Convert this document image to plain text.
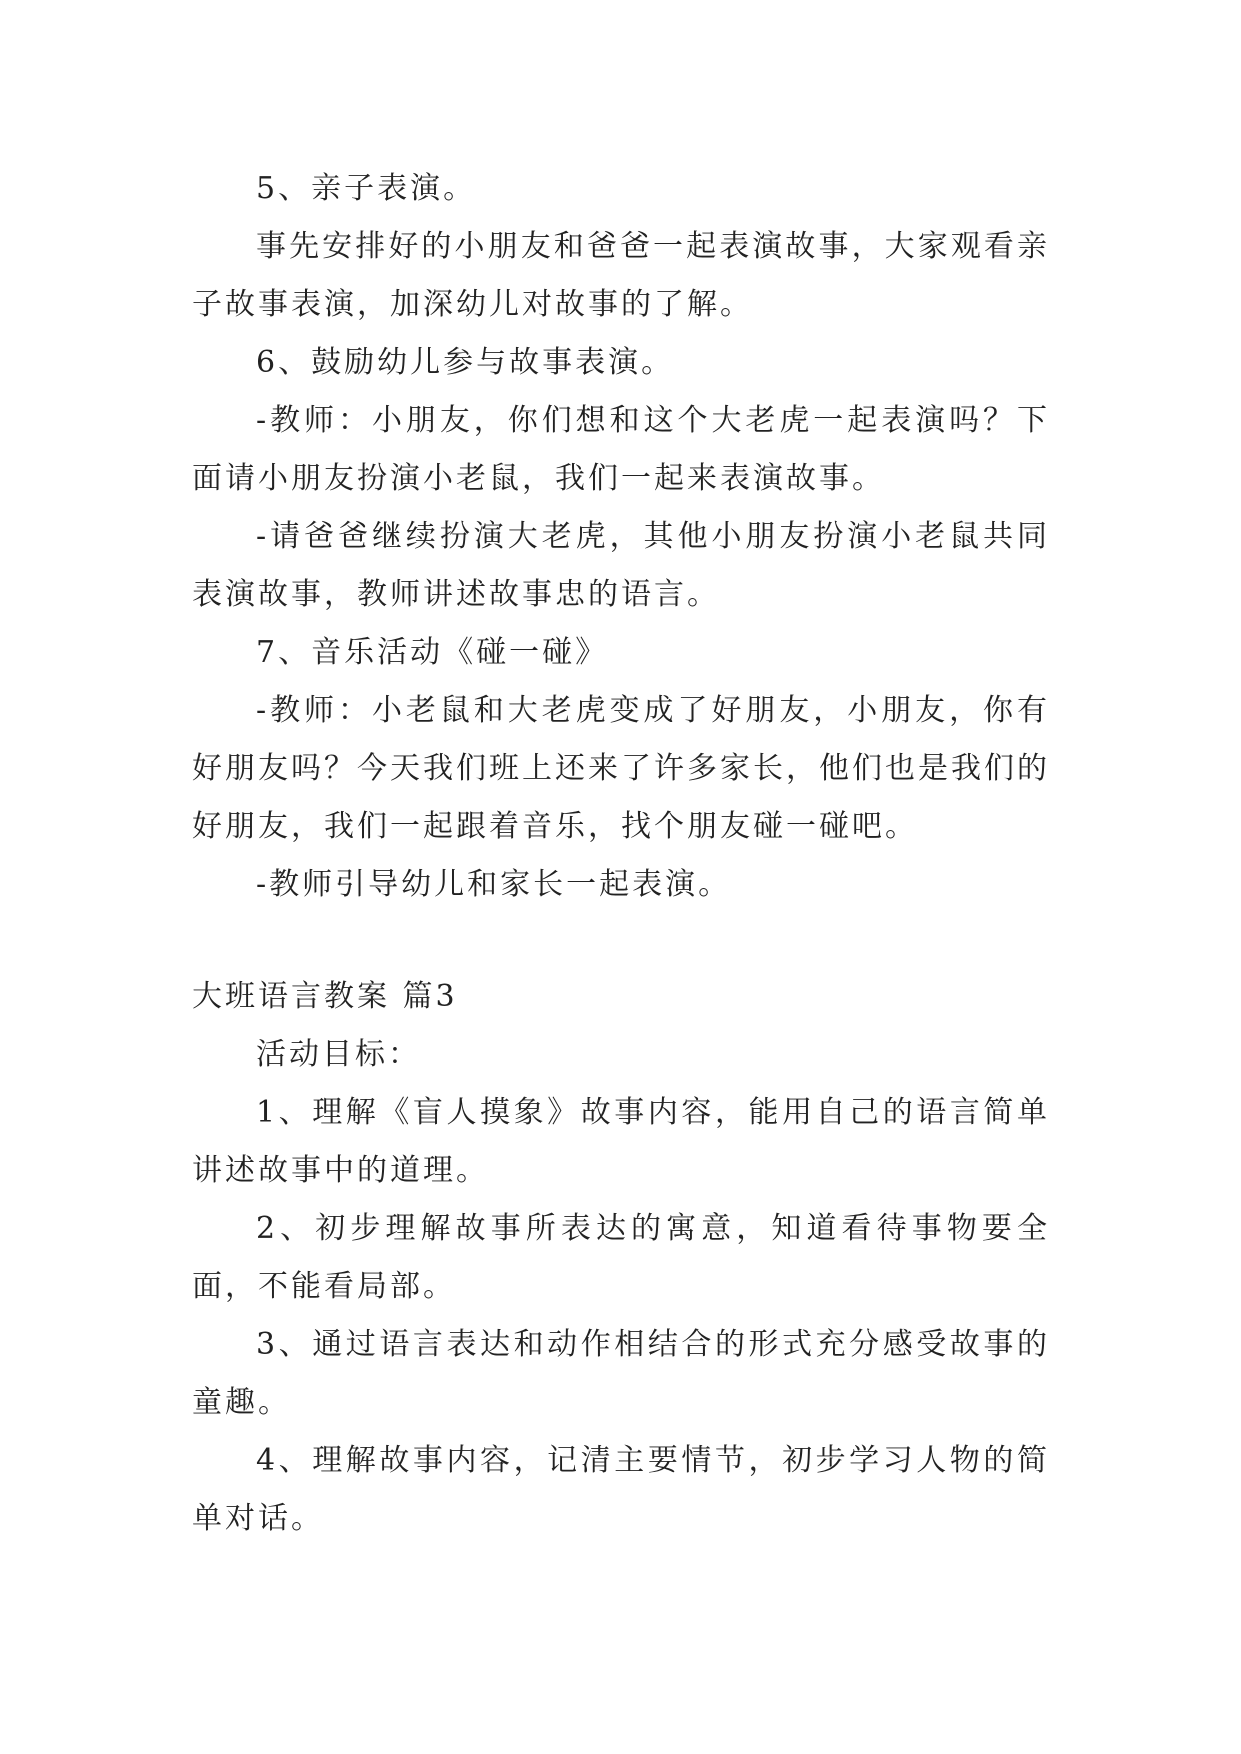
5、亲子表演。

事先安排好的小朋友和爸爸一起表演故事，大家观看亲子故事表演，加深幼儿对故事的了解。

6、鼓励幼儿参与故事表演。

-教师：小朋友，你们想和这个大老虎一起表演吗？下面请小朋友扮演小老鼠，我们一起来表演故事。

-请爸爸继续扮演大老虎，其他小朋友扮演小老鼠共同表演故事，教师讲述故事忠的语言。

7、音乐活动《碰一碰》

-教师：小老鼠和大老虎变成了好朋友，小朋友，你有好朋友吗？今天我们班上还来了许多家长，他们也是我们的好朋友，我们一起跟着音乐，找个朋友碰一碰吧。

-教师引导幼儿和家长一起表演。

大班语言教案 篇3

活动目标：

1、理解《盲人摸象》故事内容，能用自己的语言简单讲述故事中的道理。

2、初步理解故事所表达的寓意，知道看待事物要全面，不能看局部。

3、通过语言表达和动作相结合的形式充分感受故事的童趣。

4、理解故事内容，记清主要情节，初步学习人物的简单对话。
